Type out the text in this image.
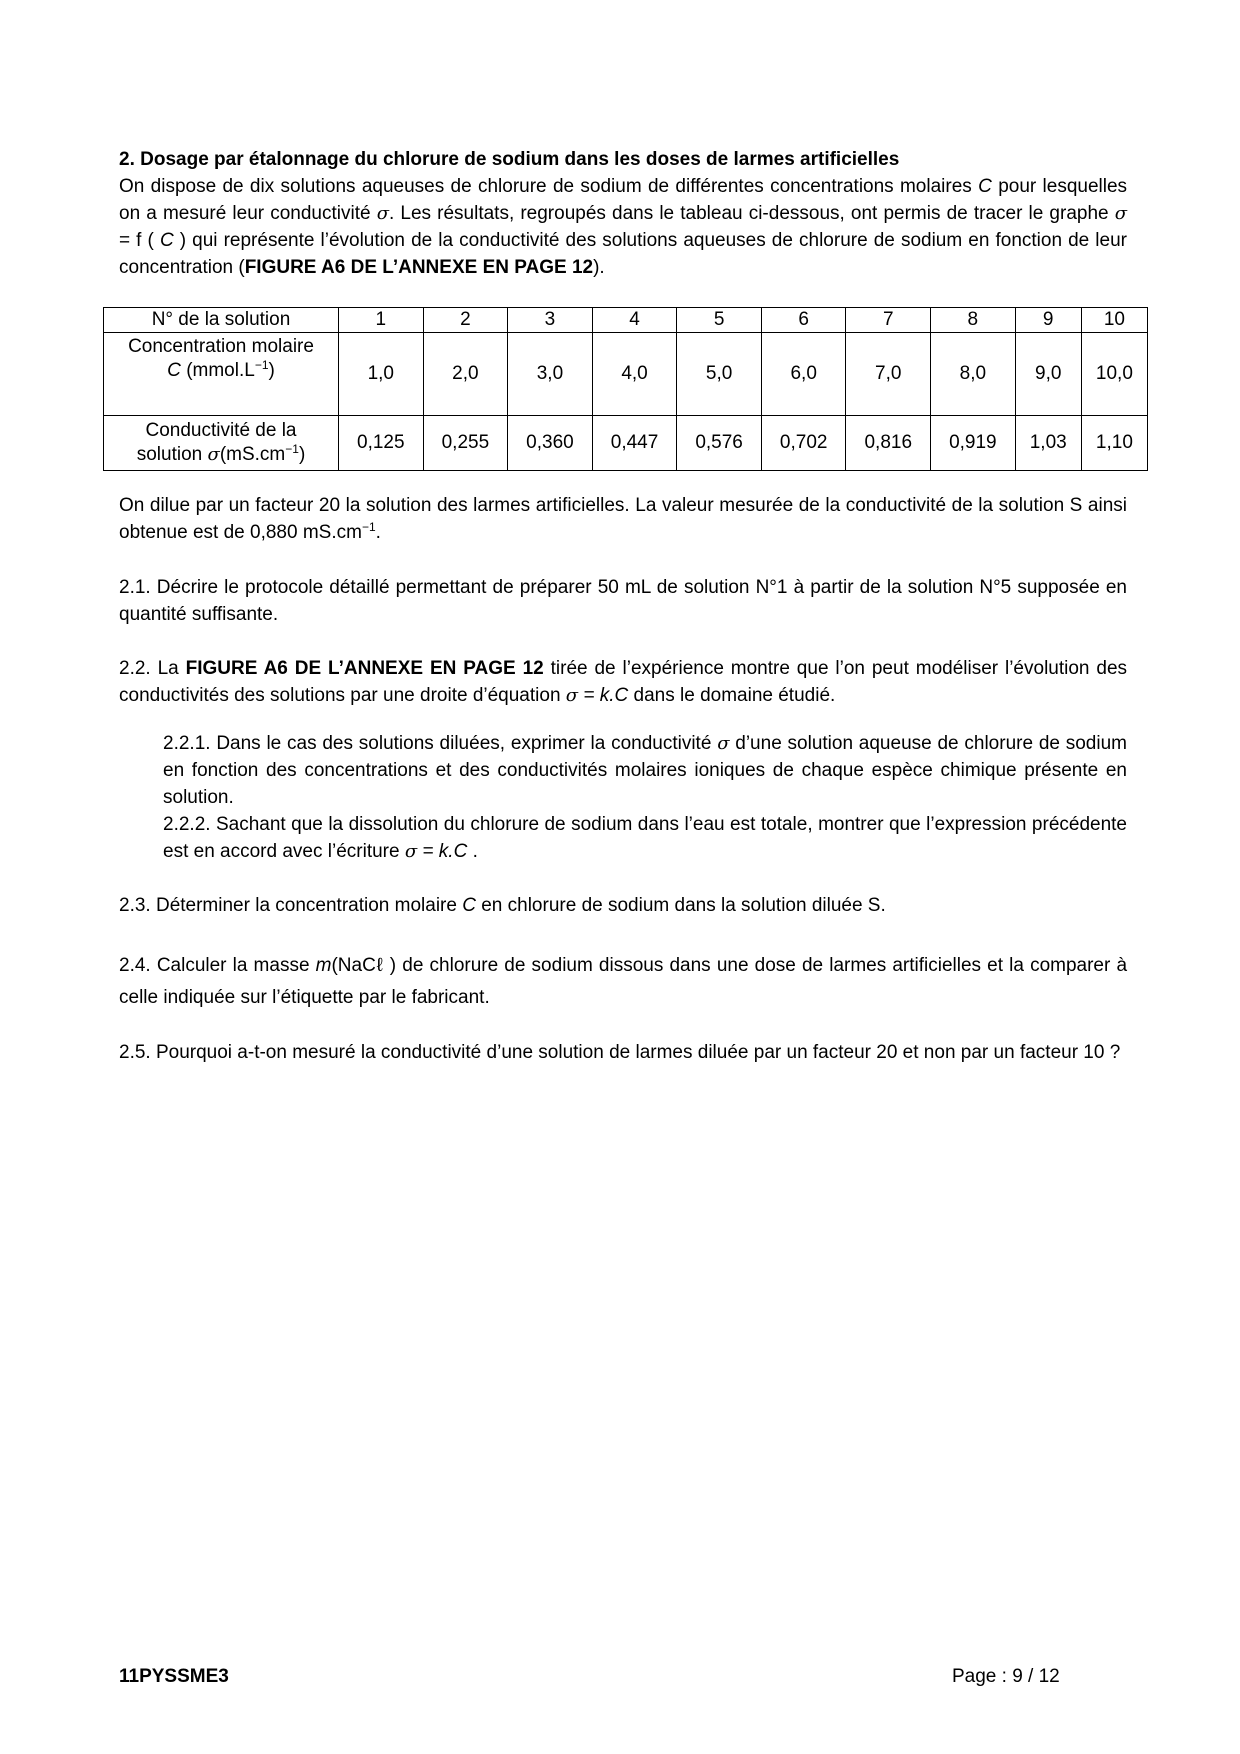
2. Dosage par étalonnage du chlorure de sodium dans les doses de larmes artificielles

On dispose de dix solutions aqueuses de chlorure de sodium de différentes concentrations molaires C pour lesquelles on a mesuré leur conductivité σ. Les résultats, regroupés dans le tableau ci-dessous, ont permis de tracer le graphe σ = f ( C ) qui représente l’évolution de la conductivité des solutions aqueuses de chlorure de sodium en fonction de leur concentration (FIGURE A6 DE L’ANNEXE EN PAGE 12).

N° de la solution	1	2	3	4	5	6	7	8	9	10

Concentration molaire
C $(mmol.L^{-1})$	1,0	2,0	3,0	4,0	5,0	6,0	7,0	8,0	9,0	10,0

Conductivité de la
solution $\sigma(mS.cm^{-1})$	0,125	0,255	0,360	0,447	0,576	0,702	0,816	0,919	1,03	1,10

On dilue par un facteur 20 la solution des larmes artificielles. La valeur mesurée de la conductivité de la solution S ainsi obtenue est de 0,880 $mS.cm^{-1}$.

2.1. Décrire le protocole détaillé permettant de préparer 50 mL de solution N°1 à partir de la solution N°5 supposée en quantité suffisante.

2.2. La FIGURE A6 DE L’ANNEXE EN PAGE 12 tirée de l’expérience montre que l’on peut modéliser l’évolution des conductivités des solutions par une droite d’équation σ = k.C dans le domaine étudié.

2.2.1. Dans le cas des solutions diluées, exprimer la conductivité σ d’une solution aqueuse de chlorure de sodium en fonction des concentrations et des conductivités molaires ioniques de chaque espèce chimique présente en solution.

2.2.2. Sachant que la dissolution du chlorure de sodium dans l’eau est totale, montrer que l’expression précédente est en accord avec l’écriture σ = k.C .

2.3. Déterminer la concentration molaire C en chlorure de sodium dans la solution diluée S.

2.4. Calculer la masse m(NaCℓ ) de chlorure de sodium dissous dans une dose de larmes artificielles et la comparer à celle indiquée sur l’étiquette par le fabricant.

2.5. Pourquoi a-t-on mesuré la conductivité d’une solution de larmes diluée par un facteur 20 et non par un facteur 10 ?

11PYSSME3	Page : 9 / 12
